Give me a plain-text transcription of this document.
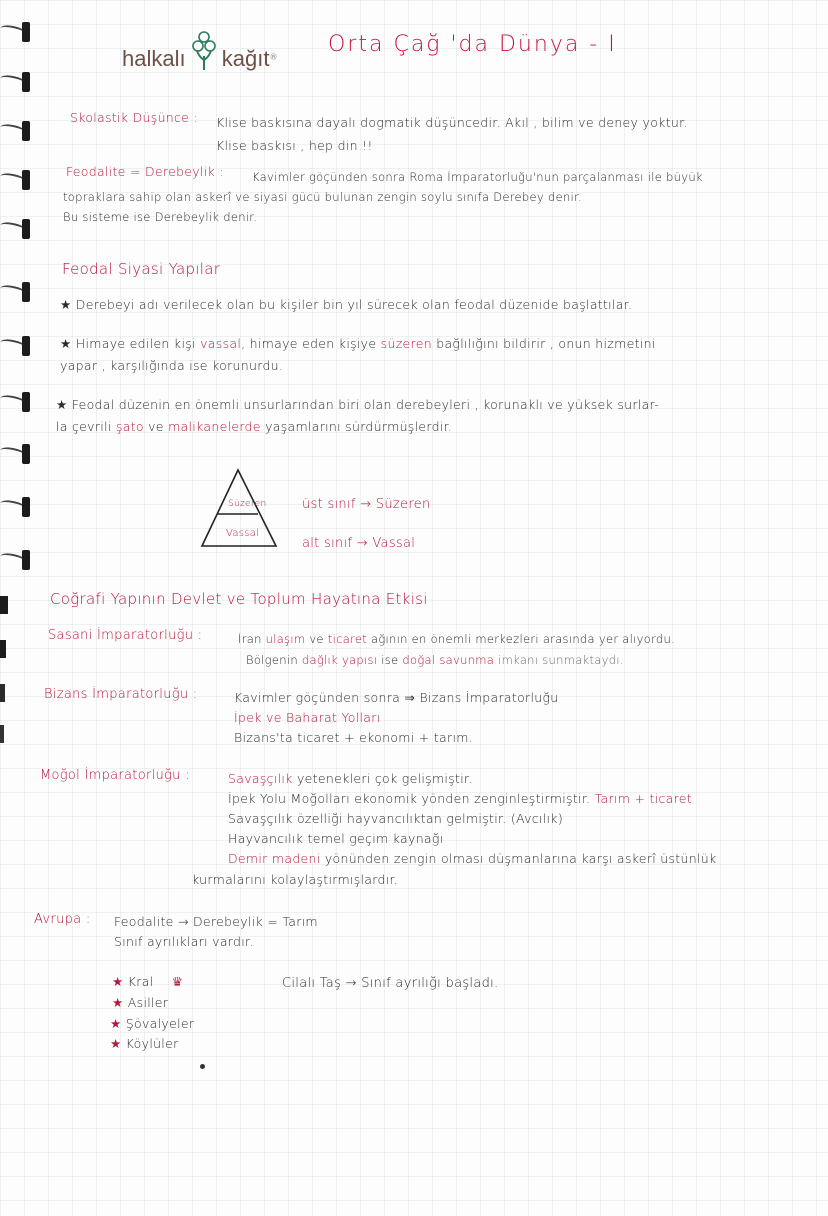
halkalı kağıt®
Orta Çağ 'da Dünya - I
Skolastik Düşünce : Klise baskısına dayalı dogmatik düşüncedir. Akıl , bilim ve deney yoktur.
Klise baskısı , hep din !!
Feodalite = Derebeylik : Kavimler göçünden sonra Roma İmparatorluğu'nun parçalanması ile büyük
topraklara sahip olan askerî ve siyasi gücü bulunan zengin soylu sınıfa Derebey denir.
Bu sisteme ise Derebeylik denir.
Feodal Siyasi Yapılar
★ Derebeyi adı verilecek olan bu kişiler bin yıl sürecek olan feodal düzenide başlattılar.
★ Himaye edilen kişi vassal, himaye eden kişiye süzeren bağlılığını bildirir , onun hizmetini
yapar , karşılığında ise korunurdu.
★ Feodal düzenin en önemli unsurlarından biri olan derebeyleri , korunaklı ve yüksek surlar-
la çevrili şato ve malikanelerde yaşamlarını sürdürmüşlerdir.
Süzeren
Vassal
üst sınıf → Süzeren
alt sınıf → Vassal
Coğrafi Yapının Devlet ve Toplum Hayatına Etkisi
Sasani İmparatorluğu :	İran ulaşım ve ticaret ağının en önemli merkezleri arasında yer alıyordu.
Bölgenin dağlık yapısı ise doğal savunma imkanı sunmaktaydı.
Bizans İmparatorluğu :	Kavimler göçünden sonra ⇒ Bizans İmparatorluğu
İpek ve Baharat Yolları
Bizans'ta ticaret + ekonomi + tarım.
Moğol İmparatorluğu :	Savaşçılık yetenekleri çok gelişmiştir.
İpek Yolu Moğolları ekonomik yönden zenginleştirmiştir. Tarım + ticaret
Savaşçılık özelliği hayvancılıktan gelmiştir. (Avcılık)
Hayvancılık temel geçim kaynağı
Demir madeni yönünden zengin olması düşmanlarına karşı askerî üstünlük
kurmalarını kolaylaştırmışlardır.
Avrupa : Feodalite → Derebeylik = Tarım
Sınıf ayrılıkları vardır.
★ Kral ♛
★ Asiller
★ Şövalyeler
★ Köylüler
Cilalı Taş → Sınıf ayrılığı başladı.
